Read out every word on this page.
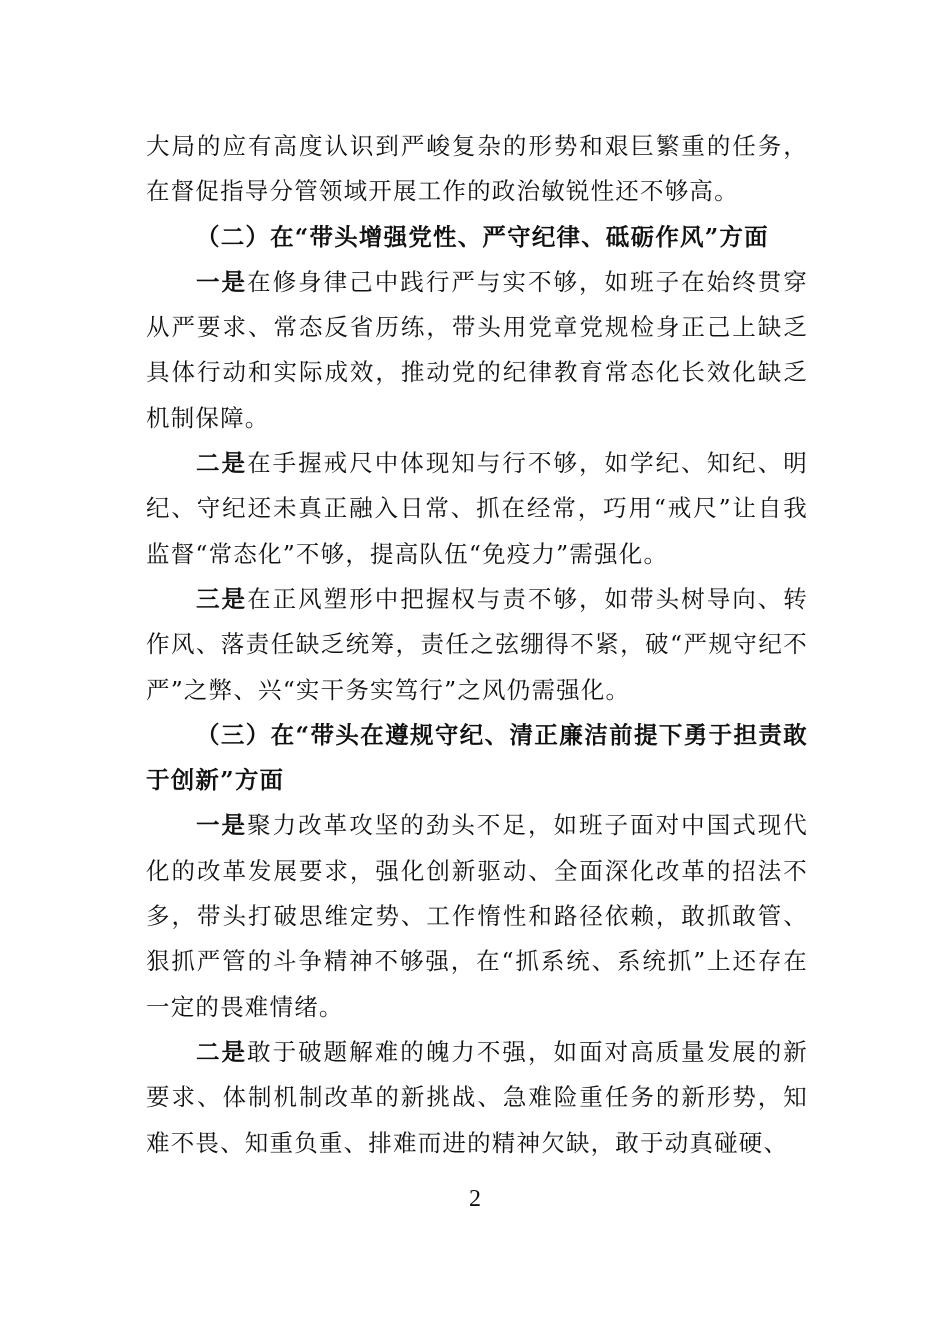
大局的应有高度认识到严峻复杂的形势和艰巨繁重的任务，在督促指导分管领域开展工作的政治敏锐性还不够高。

（二）在“带头增强党性、严守纪律、砥砺作风”方面

一是在修身律己中践行严与实不够，如班子在始终贯穿从严要求、常态反省历练，带头用党章党规检身正己上缺乏具体行动和实际成效，推动党的纪律教育常态化长效化缺乏机制保障。

二是在手握戒尺中体现知与行不够，如学纪、知纪、明纪、守纪还未真正融入日常、抓在经常，巧用“戒尺”让自我监督“常态化”不够，提高队伍“免疫力”需强化。

三是在正风塑形中把握权与责不够，如带头树导向、转作风、落责任缺乏统筹，责任之弦绷得不紧，破“严规守纪不严”之弊、兴“实干务实笃行”之风仍需强化。

（三）在“带头在遵规守纪、清正廉洁前提下勇于担责敢于创新”方面

一是聚力改革攻坚的劲头不足，如班子面对中国式现代化的改革发展要求，强化创新驱动、全面深化改革的招法不多，带头打破思维定势、工作惰性和路径依赖，敢抓敢管、狠抓严管的斗争精神不够强，在“抓系统、系统抓”上还存在一定的畏难情绪。

二是敢于破题解难的魄力不强，如面对高质量发展的新要求、体制机制改革的新挑战、急难险重任务的新形势，知难不畏、知重负重、排难而进的精神欠缺，敢于动真碰硬、

2
